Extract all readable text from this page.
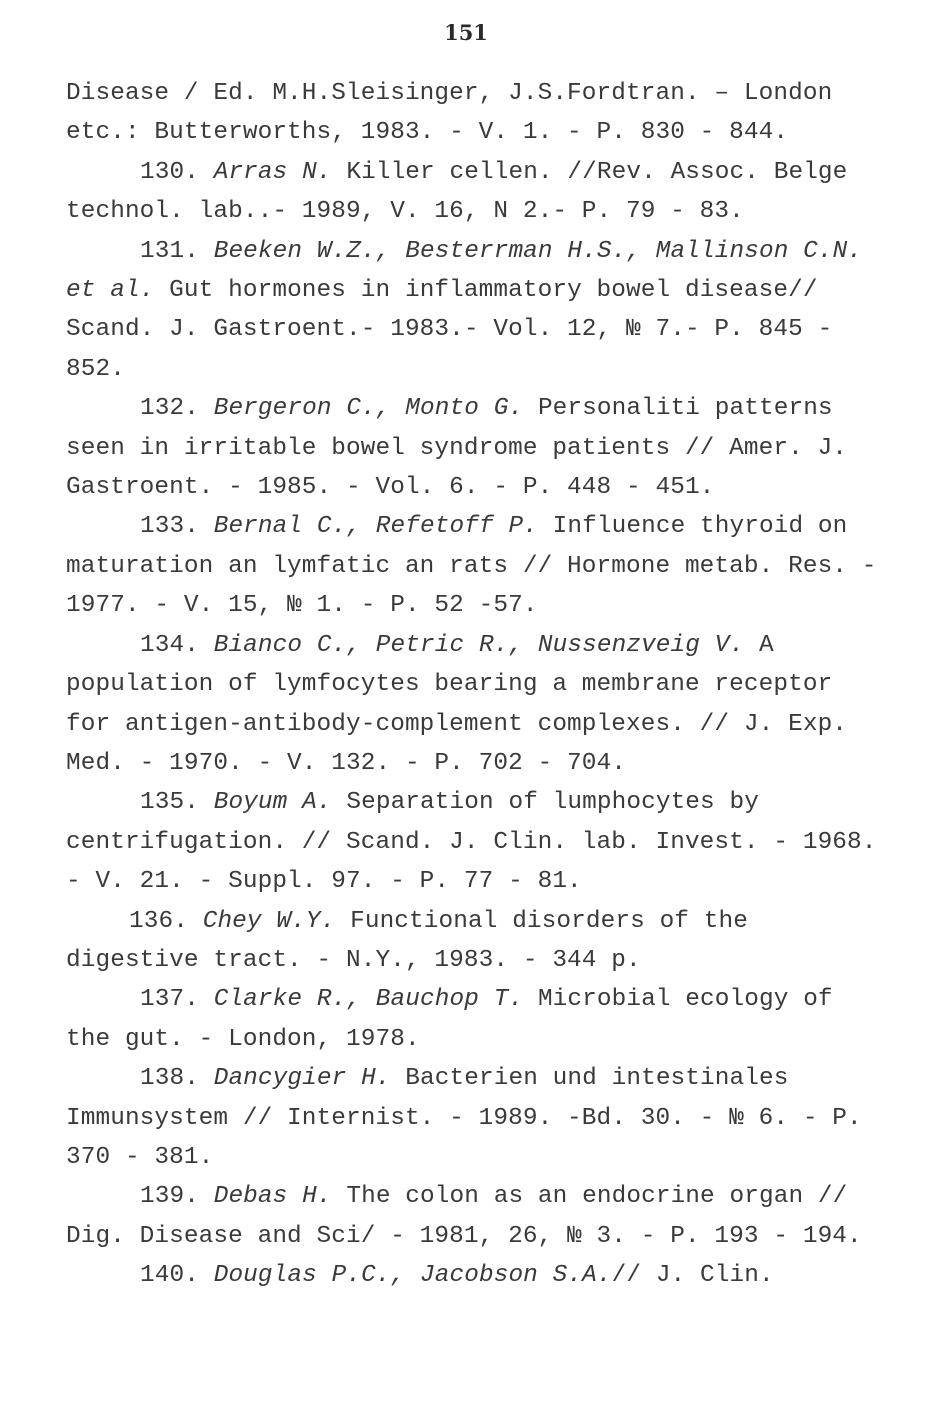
151

Disease / Ed. M.H.Sleisinger, J.S.Fordtran. – London etc.: Butterworths, 1983. - V. 1. - P. 830 - 844.

130. Arras N. Killer cellen. //Rev. Assoc. Belge technol. lab..- 1989, V. 16, N 2.- P. 79 - 83.

131. Beeken W.Z., Besterrman H.S., Mallinson C.N. et al. Gut hormones in inflammatory bowel disease// Scand. J. Gastroent.- 1983.- Vol. 12, № 7.- P. 845 - 852.

132. Bergeron C., Monto G. Personaliti patterns seen in irritable bowel syndrome patients // Amer. J. Gastroent. - 1985. - Vol. 6. - P. 448 - 451.

133. Bernal C., Refetoff P. Influence thyroid on maturation an lymfatic an rats // Hormone metab. Res. - 1977. - V. 15, № 1. - P. 52 -57.

134. Bianco C., Petric R., Nussenzveig V. A population of lymfocytes bearing a membrane receptor for antigen-antibody-complement complexes. // J. Exp. Med. - 1970. - V. 132. - P. 702 - 704.

135. Boyum A. Separation of lumphocytes by centrifugation. // Scand. J. Clin. lab. Invest. - 1968. - V. 21. - Suppl. 97. - P. 77 - 81.

136. Chey W.Y. Functional disorders of the digestive tract. - N.Y., 1983. - 344 p.

137. Clarke R., Bauchop T. Microbial ecology of the gut. - London, 1978.

138. Dancygier H. Bacterien und intestinales Immunsystem // Internist. - 1989. -Bd. 30. - № 6. - P. 370 - 381.

139. Debas H. The colon as an endocrine organ // Dig. Disease and Sci/ - 1981, 26, № 3. - P. 193 - 194.

140. Douglas P.C., Jacobson S.A.// J. Clin.
